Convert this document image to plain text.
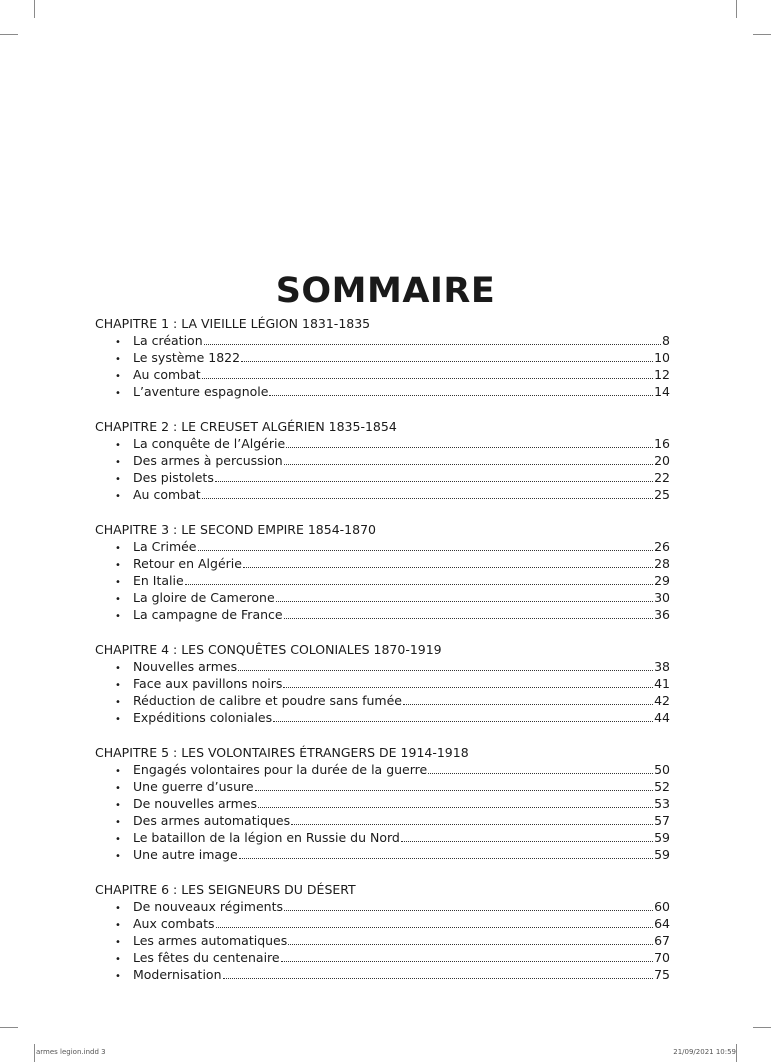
SOMMAIRE
CHAPITRE 1 : LA VIEILLE LÉGION 1831-1835
• La création	8
• Le système 1822	10
• Au combat	12
• L’aventure espagnole	14
CHAPITRE 2 : LE CREUSET ALGÉRIEN 1835-1854
• La conquête de l’Algérie	16
• Des armes à percussion	20
• Des pistolets	22
• Au combat	25
CHAPITRE 3 : LE SECOND EMPIRE 1854-1870
• La Crimée	26
• Retour en Algérie	28
• En Italie	29
• La gloire de Camerone	30
• La campagne de France	36
CHAPITRE 4 : LES CONQUÊTES COLONIALES 1870-1919
• Nouvelles armes	38
• Face aux pavillons noirs	41
• Réduction de calibre et poudre sans fumée	42
• Expéditions coloniales	44
CHAPITRE 5 : LES VOLONTAIRES ÉTRANGERS DE 1914-1918
• Engagés volontaires pour la durée de la guerre	50
• Une guerre d’usure	52
• De nouvelles armes	53
• Des armes automatiques	57
• Le bataillon de la légion en Russie du Nord	59
• Une autre image	59
CHAPITRE 6 : LES SEIGNEURS DU DÉSERT
• De nouveaux régiments	60
• Aux combats	64
• Les armes automatiques	67
• Les fêtes du centenaire	70
• Modernisation	75
armes legion.indd 3	21/09/2021 10:59
